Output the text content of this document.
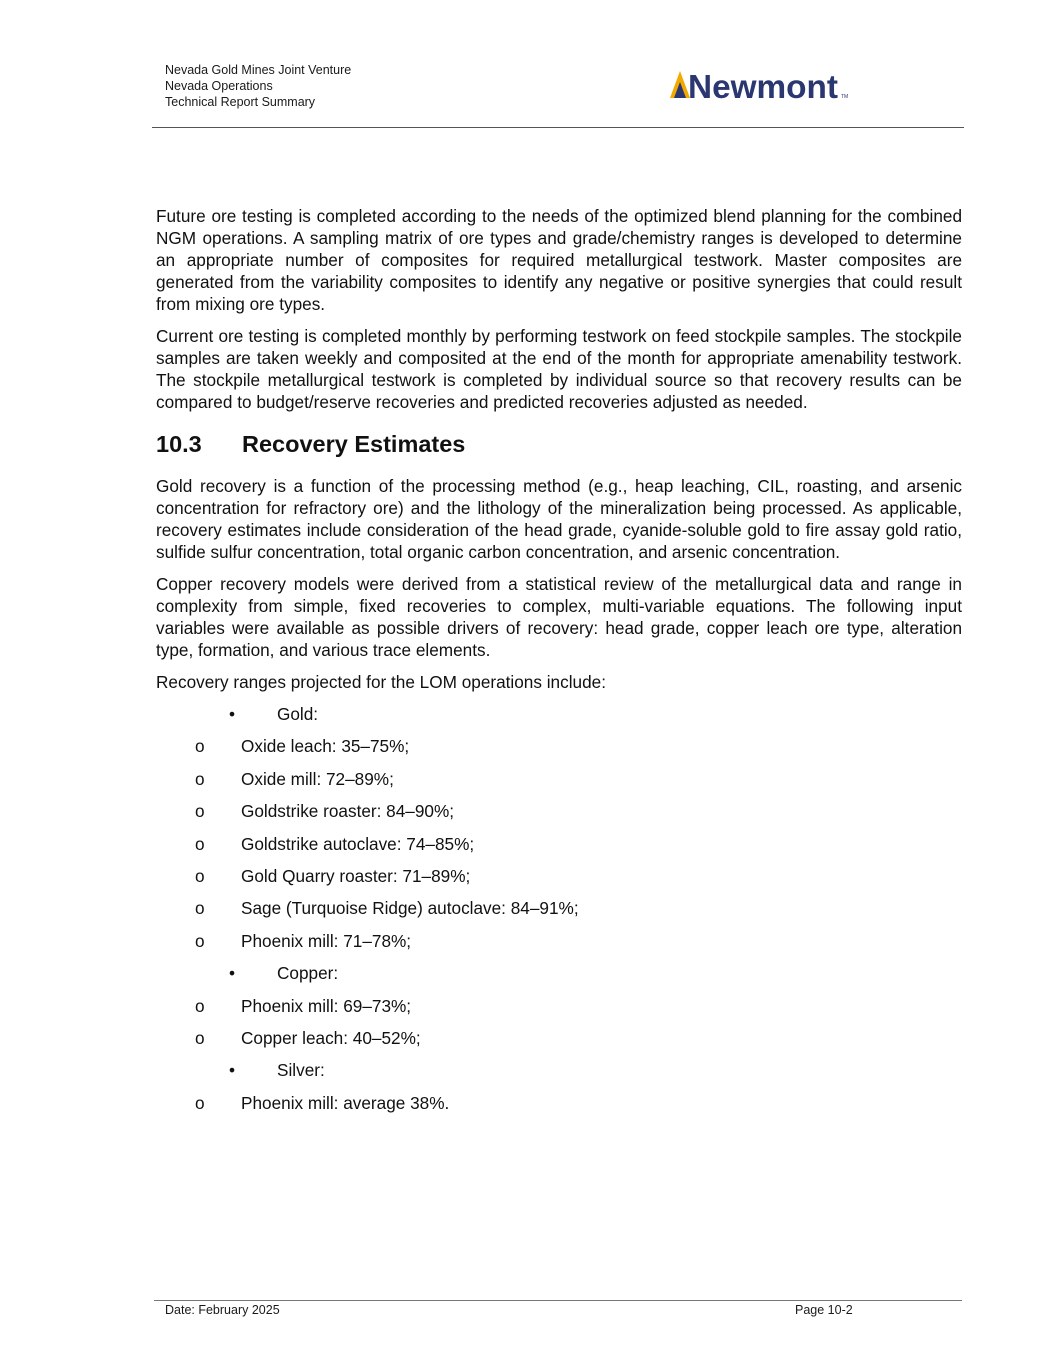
Nevada Gold Mines Joint Venture
Nevada Operations
Technical Report Summary	Newmont TM

Future ore testing is completed according to the needs of the optimized blend planning for the combined NGM operations. A sampling matrix of ore types and grade/chemistry ranges is developed to determine an appropriate number of composites for required metallurgical testwork. Master composites are generated from the variability composites to identify any negative or positive synergies that could result from mixing ore types.

Current ore testing is completed monthly by performing testwork on feed stockpile samples. The stockpile samples are taken weekly and composited at the end of the month for appropriate amenability testwork. The stockpile metallurgical testwork is completed by individual source so that recovery results can be compared to budget/reserve recoveries and predicted recoveries adjusted as needed.

10.3 Recovery Estimates

Gold recovery is a function of the processing method (e.g., heap leaching, CIL, roasting, and arsenic concentration for refractory ore) and the lithology of the mineralization being processed. As applicable, recovery estimates include consideration of the head grade, cyanide-soluble gold to fire assay gold ratio, sulfide sulfur concentration, total organic carbon concentration, and arsenic concentration.

Copper recovery models were derived from a statistical review of the metallurgical data and range in complexity from simple, fixed recoveries to complex, multi-variable equations. The following input variables were available as possible drivers of recovery: head grade, copper leach ore type, alteration type, formation, and various trace elements.

Recovery ranges projected for the LOM operations include:

• Gold:
o Oxide leach: 35–75%;
o Oxide mill: 72–89%;
o Goldstrike roaster: 84–90%;
o Goldstrike autoclave: 74–85%;
o Gold Quarry roaster: 71–89%;
o Sage (Turquoise Ridge) autoclave: 84–91%;
o Phoenix mill: 71–78%;
• Copper:
o Phoenix mill: 69–73%;
o Copper leach: 40–52%;
• Silver:
o Phoenix mill: average 38%.
Date: February 2025	Page 10-2
